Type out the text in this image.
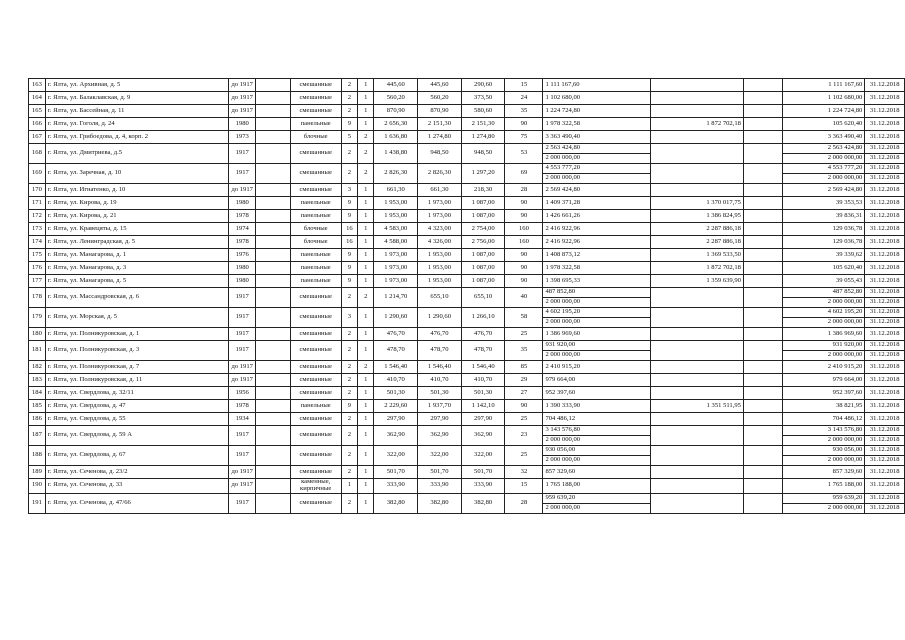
163	г. Ялта, ул. Архивная, д. 5	до 1917		смешанные	2	1	445,60	445,60	290,60	15	1 111 167,60			1 111 167,60	31.12.2018
164	г. Ялта, ул. Балаклавская, д. 9	до 1917		смешанные	2	1	560,20	560,20	373,50	24	1 102 680,00			1 102 680,00	31.12.2018
165	г. Ялта, ул. Бассейная, д. 11	до 1917		смешанные	2	1	870,90	870,90	580,60	35	1 224 724,80			1 224 724,80	31.12.2018
166	г. Ялта, ул. Гоголя, д. 24	1980		панельные	9	1	2 656,30	2 151,30	2 151,30	90	1 978 322,58	1 872 702,18		105 620,40	31.12.2018
167	г. Ялта, ул. Грибоедова, д. 4, корп. 2	1973		блочные	5	2	1 636,80	1 274,80	1 274,80	75	3 363 490,40			3 363 490,40	31.12.2018
168	г. Ялта, ул. Дмитриева, д.5	1917		смешанные	2	2	1 438,80	948,50	948,50	53	2 563 424,80			2 563 424,80	31.12.2018
											2 000 000,00			2 000 000,00	31.12.2018
169	г. Ялта, ул. Заречная, д. 10	1917		смешанные	2	2	2 826,30	2 826,30	1 297,20	69	4 553 777,20			4 553 777,20	31.12.2018
											2 000 000,00			2 000 000,00	31.12.2018
170	г. Ялта, ул. Игнатенко, д. 10	до 1917		смешанные	3	1	661,30	661,30	218,30	28	2 569 424,80			2 569 424,80	31.12.2018
171	г. Ялта, ул. Кирова, д. 19	1980		панельные	9	1	1 953,00	1 973,00	1 087,00	90	1 409 371,28	1 370 017,75		39 353,53	31.12.2018
172	г. Ялта, ул. Кирова, д. 21	1978		панельные	9	1	1 953,00	1 973,00	1 087,00	90	1 426 661,26	1 386 824,95		39 836,31	31.12.2018
173	г. Ялта, ул. Кравецяты, д. 15	1974		блочные	16	1	4 583,00	4 323,00	2 754,00	160	2 416 922,96	2 287 886,18		129 036,78	31.12.2018
174	г. Ялта, ул. Ленинградская, д. 5	1978		блочные	16	1	4 588,00	4 326,00	2 756,00	160	2 416 922,96	2 287 886,18		129 036,78	31.12.2018
175	г. Ялта, ул. Манагарова, д. 1	1976		панельные	9	1	1 973,00	1 953,00	1 087,00	90	1 408 873,12	1 369 533,50		39 339,62	31.12.2018
176	г. Ялта, ул. Манагарова, д. 3	1980		панельные	9	1	1 973,00	1 953,00	1 087,00	90	1 978 322,58	1 872 702,18		105 620,40	31.12.2018
177	г. Ялта, ул. Манагарова, д. 5	1980		панельные	9	1	1 973,00	1 953,00	1 087,00	90	1 398 695,33	1 359 639,90		39 055,43	31.12.2018
178	г. Ялта, ул. Массандровская, д. 6	1917		смешанные	2	2	1 214,70	655,10	655,10	40	487 852,80			487 852,80	31.12.2018
											2 000 000,00			2 000 000,00	31.12.2018
179	г. Ялта, ул. Морская, д. 5	1917		смешанные	3	1	1 290,60	1 290,60	1 266,10	58	4 602 195,20			4 602 195,20	31.12.2018
											2 000 000,00			2 000 000,00	31.12.2018
180	г. Ялта, ул. Полникуровская, д. 1	1917		смешанные	2	1	476,70	476,70	476,70	25	1 386 969,60			1 386 969,60	31.12.2018
181	г. Ялта, ул. Полникуровская, д. 3	1917		смешанные	2	1	478,70	478,70	478,70	35	931 920,00			931 920,00	31.12.2018
											2 000 000,00			2 000 000,00	31.12.2018
182	г. Ялта, ул. Полникуровская, д. 7	до 1917		смешанные	2	2	1 546,40	1 546,40	1 546,40	85	2 410 915,20			2 410 915,20	31.12.2018
183	г. Ялта, ул. Полникуровская, д. 11	до 1917		смешанные	2	1	410,70	410,70	410,70	29	979 664,00			979 664,00	31.12.2018
184	г. Ялта, ул. Свердлова, д. 32/11	1956		смешанные	2	1	501,30	501,30	501,30	27	952 397,60			952 397,60	31.12.2018
185	г. Ялта, ул. Свердлова, д. 47	1978		панельные	9	1	2 229,60	1 937,70	1 142,10	90	1 390 333,90	1 351 511,95		38 821,95	31.12.2018
186	г. Ялта, ул. Свердлова, д. 55	1934		смешанные	2	1	297,90	297,90	297,90	25	704 486,12			704 486,12	31.12.2018
187	г. Ялта, ул. Свердлова, д. 59 А	1917		смешанные	2	1	362,90	362,90	362,90	23	3 143 576,80			3 143 576,80	31.12.2018
											2 000 000,00			2 000 000,00	31.12.2018
188	г. Ялта, ул. Свердлова, д. 67	1917		смешанные	2	1	322,00	322,00	322,00	25	930 056,00			930 056,00	31.12.2018
											2 000 000,00			2 000 000,00	31.12.2018
189	г. Ялта, ул. Сеченова, д. 23/2	до 1917		смешанные	2	1	501,70	501,70	501,70	32	857 329,60			857 329,60	31.12.2018
190	г. Ялта, ул. Сеченова, д. 33	до 1917		каменные, кирпичные	1	1	333,90	333,90	333,90	15	1 765 188,00			1 765 188,00	31.12.2018
191	г. Ялта, ул. Сеченова, д. 47/66	1917		смешанные	2	1	382,80	382,80	382,80	28	959 639,20			959 639,20	31.12.2018
											2 000 000,00			2 000 000,00	31.12.2018
